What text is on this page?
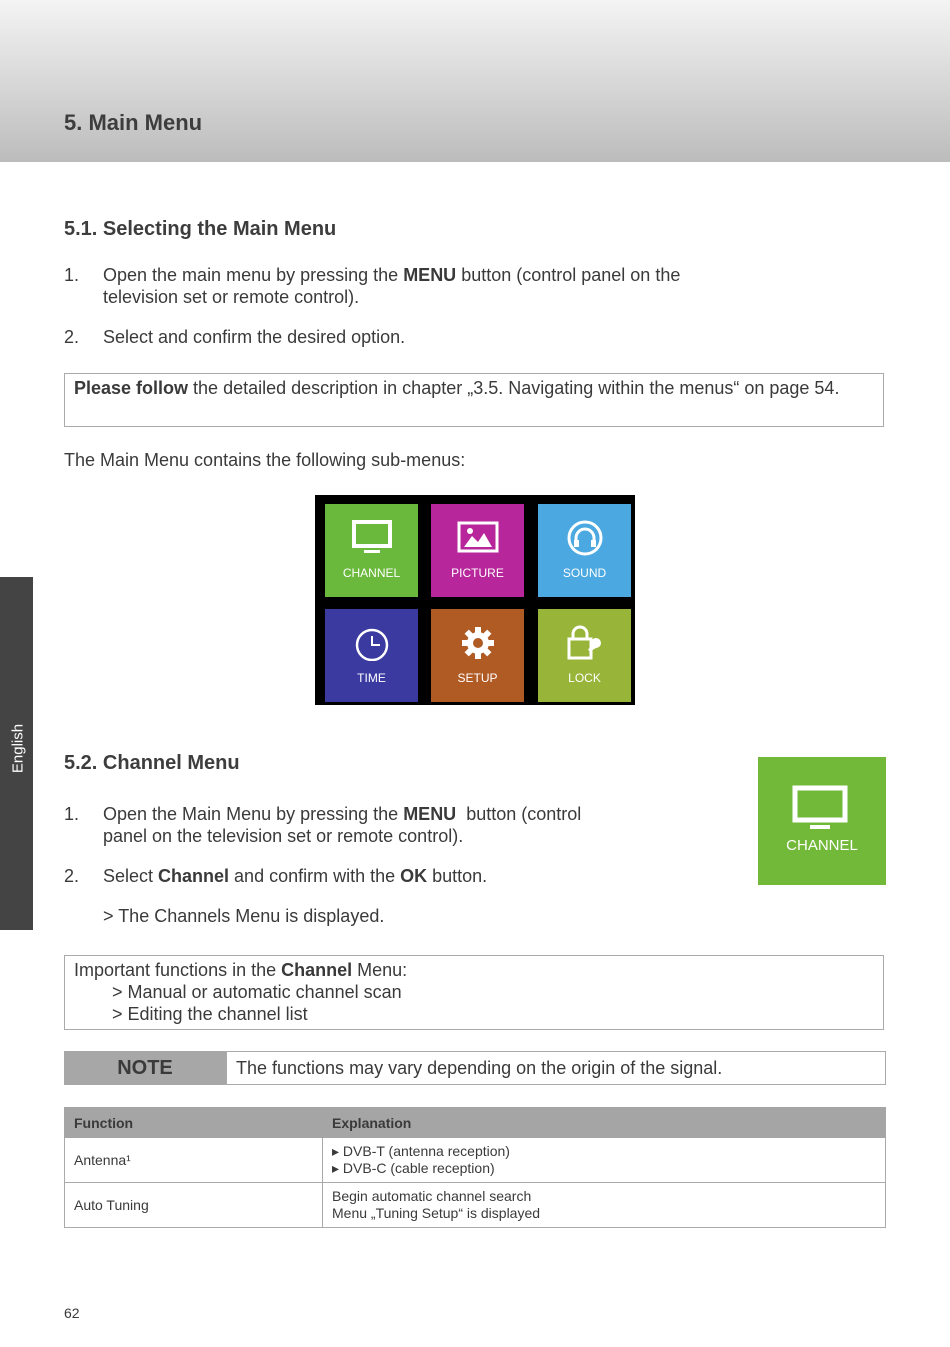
5. Main Menu
English
5.1. Selecting the Main Menu
1. Open the main menu by pressing the MENU button (control panel on the
television set or remote control).
2. Select and confirm the desired option.
Please follow the detailed description in chapter „3.5. Navigating within the menus“ on page 54.
The Main Menu contains the following sub-menus:
CHANNEL	PICTURE	SOUND
TIME	SETUP	LOCK
5.2. Channel Menu
CHANNEL
1. Open the Main Menu by pressing the MENU  button (control
panel on the television set or remote control).
2. Select Channel and confirm with the OK button.
> The Channels Menu is displayed.
Important functions in the Channel Menu:
> Manual or automatic channel scan
> Editing the channel list
NOTE	The functions may vary depending on the origin of the signal.
Function	Explanation
Antenna¹	▸ DVB-T (antenna reception)
▸ DVB-C (cable reception)
Auto Tuning	Begin automatic channel search
Menu „Tuning Setup“ is displayed
62
